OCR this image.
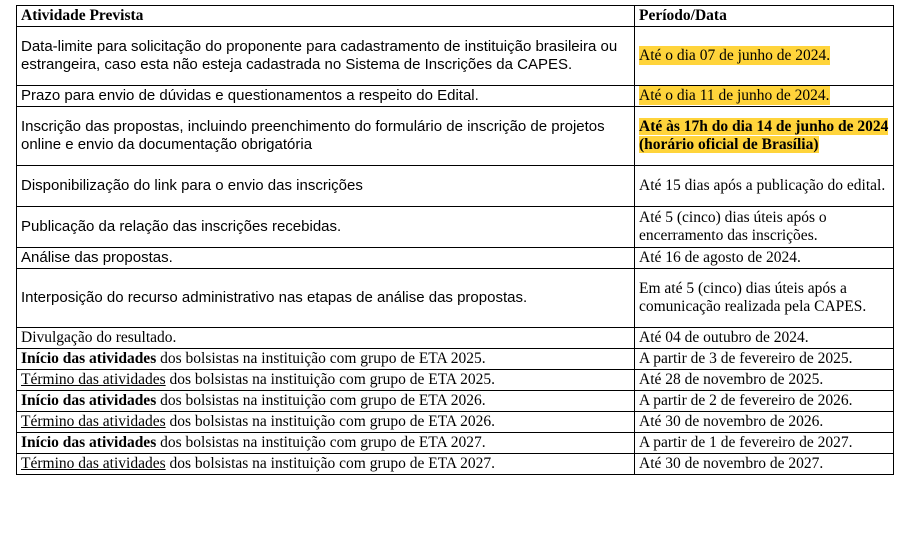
Atividade Prevista	Período/Data
Data-limite para solicitação do proponente para cadastramento de instituição brasileira ou estrangeira, caso esta não esteja cadastrada no Sistema de Inscrições da CAPES.	Até o dia 07 de junho de 2024.
Prazo para envio de dúvidas e questionamentos a respeito do Edital.	Até o dia 11 de junho de 2024.
Inscrição das propostas, incluindo preenchimento do formulário de inscrição de projetos online e envio da documentação obrigatória	Até às 17h do dia 14 de junho de 2024 (horário oficial de Brasília)
Disponibilização do link para o envio das inscrições	Até 15 dias após a publicação do edital.
Publicação da relação das inscrições recebidas.	Até 5 (cinco) dias úteis após o encerramento das inscrições.
Análise das propostas.	Até 16 de agosto de 2024.
Interposição do recurso administrativo nas etapas de análise das propostas.	Em até 5 (cinco) dias úteis após a comunicação realizada pela CAPES.
Divulgação do resultado.	Até 04 de outubro de 2024.
Início das atividades dos bolsistas na instituição com grupo de ETA 2025.	A partir de 3 de fevereiro de 2025.
Término das atividades dos bolsistas na instituição com grupo de ETA 2025.	Até 28 de novembro de 2025.
Início das atividades dos bolsistas na instituição com grupo de ETA 2026.	A partir de 2 de fevereiro de 2026.
Término das atividades dos bolsistas na instituição com grupo de ETA 2026.	Até 30 de novembro de 2026.
Início das atividades dos bolsistas na instituição com grupo de ETA 2027.	A partir de 1 de fevereiro de 2027.
Término das atividades dos bolsistas na instituição com grupo de ETA 2027.	Até 30 de novembro de 2027.
